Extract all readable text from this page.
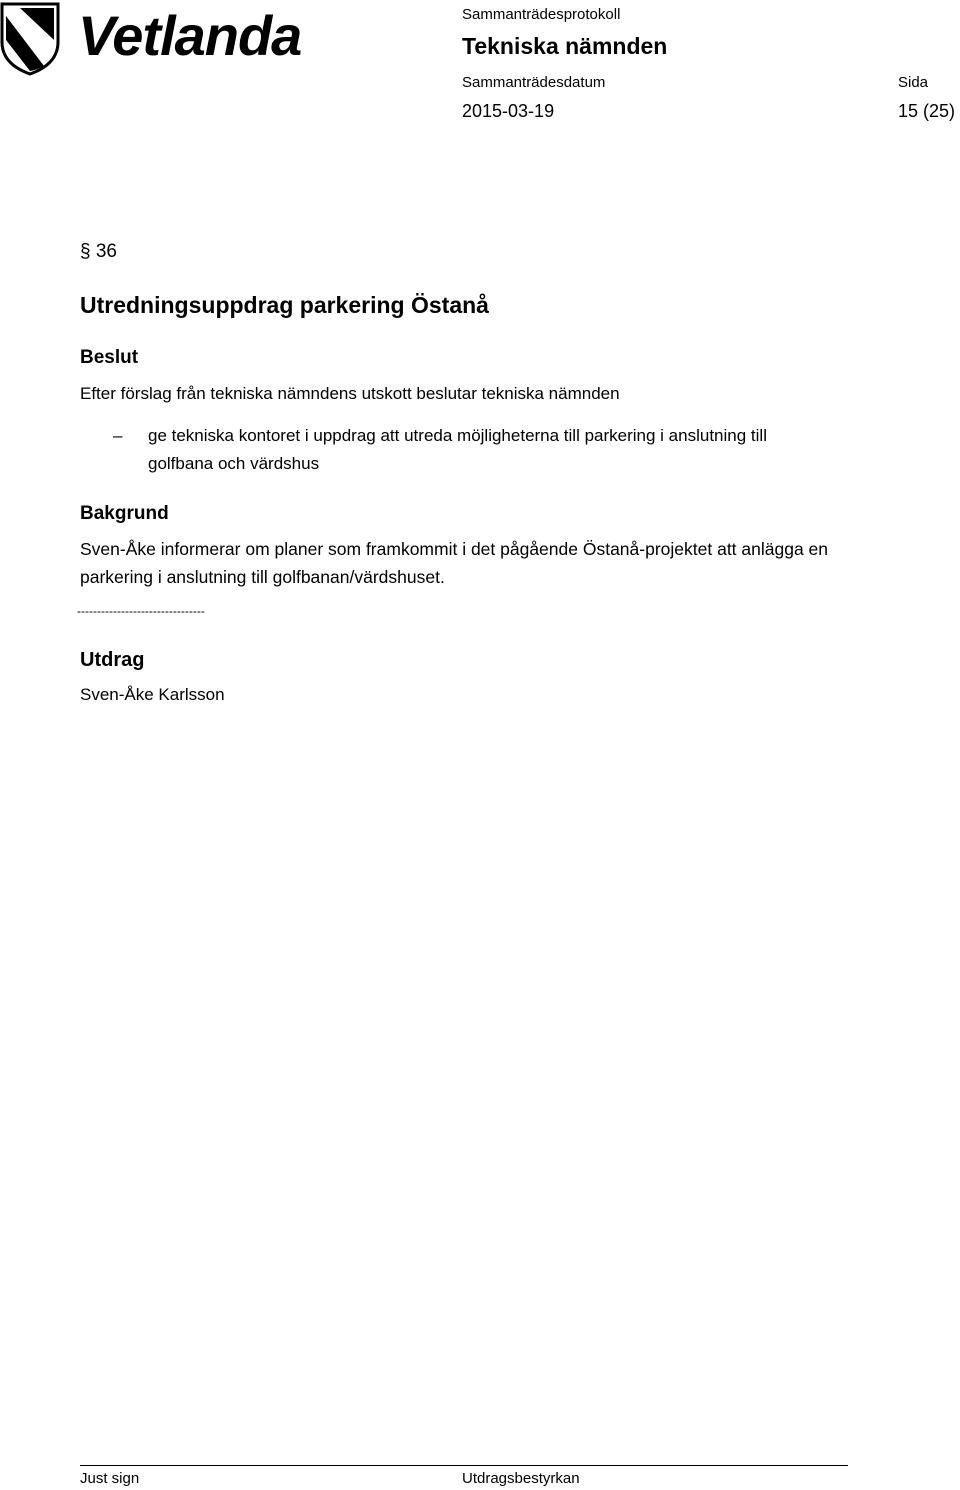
Vetlanda	Sammanträdesprotokoll
Tekniska nämnden
Sammanträdesdatum	Sida
2015-03-19	15 (25)
§ 36
Utredningsuppdrag parkering Östanå
Beslut
Efter förslag från tekniska nämndens utskott beslutar tekniska nämnden
– ge tekniska kontoret i uppdrag att utreda möjligheterna till parkering i anslutning till golfbana och värdshus
Bakgrund
Sven-Åke informerar om planer som framkommit i det pågående Östanå-projektet att anlägga en parkering i anslutning till golfbanan/värdshuset.
--------------------------------
Utdrag
Sven-Åke Karlsson
Just sign	Utdragsbestyrkan
